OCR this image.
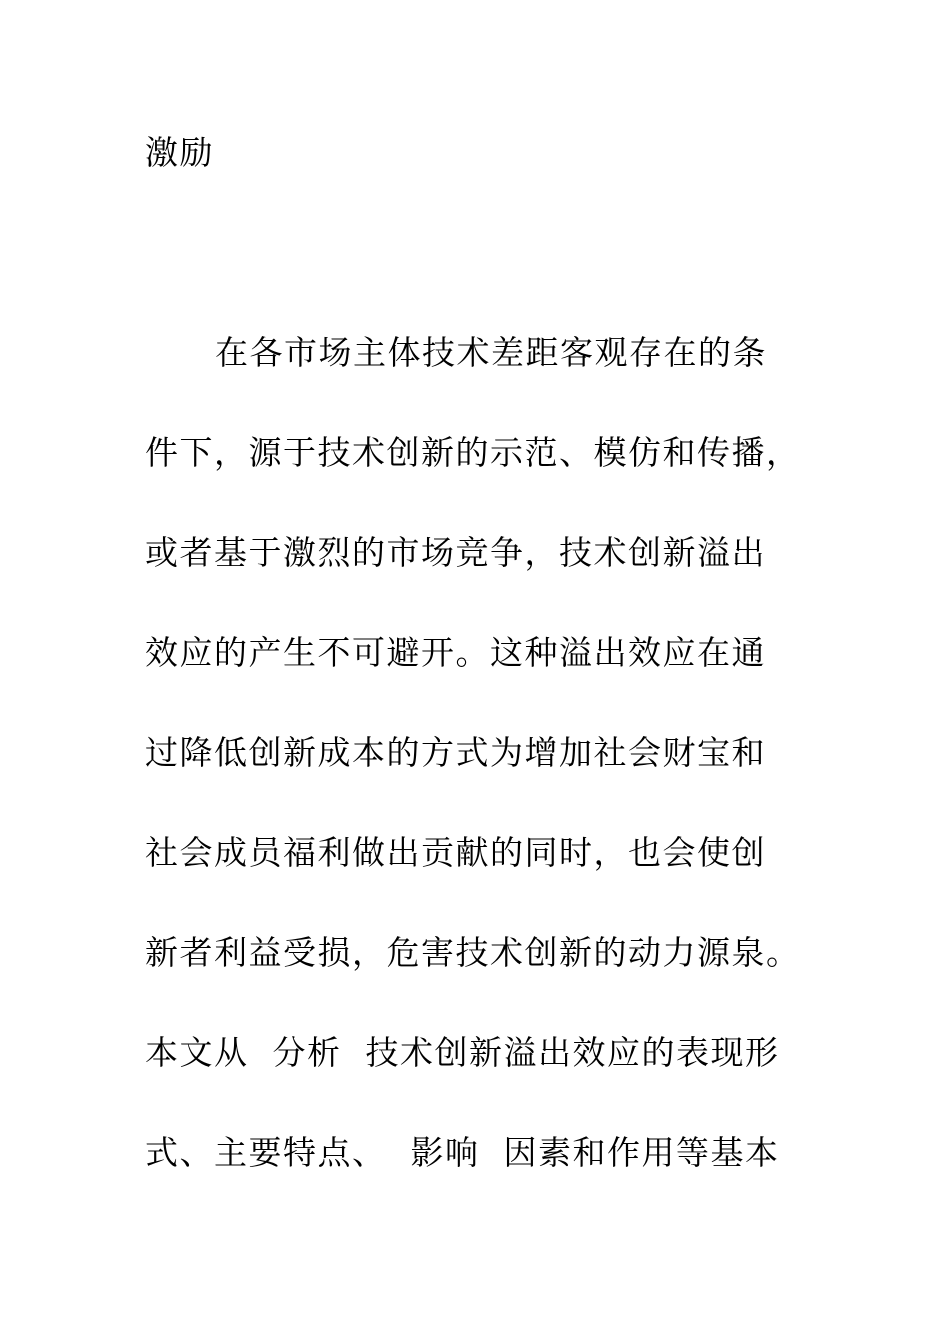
激励
在各市场主体技术差距客观存在的条
件下，源于技术创新的示范、模仿和传播，
或者基于激烈的市场竞争，技术创新溢出
效应的产生不可避开。这种溢出效应在通
过降低创新成本的方式为增加社会财宝和
社会成员福利做出贡献的同时，也会使创
新者利益受损，危害技术创新的动力源泉。
本文从  分析  技术创新溢出效应的表现形
式、主要特点、  影响  因素和作用等基本
